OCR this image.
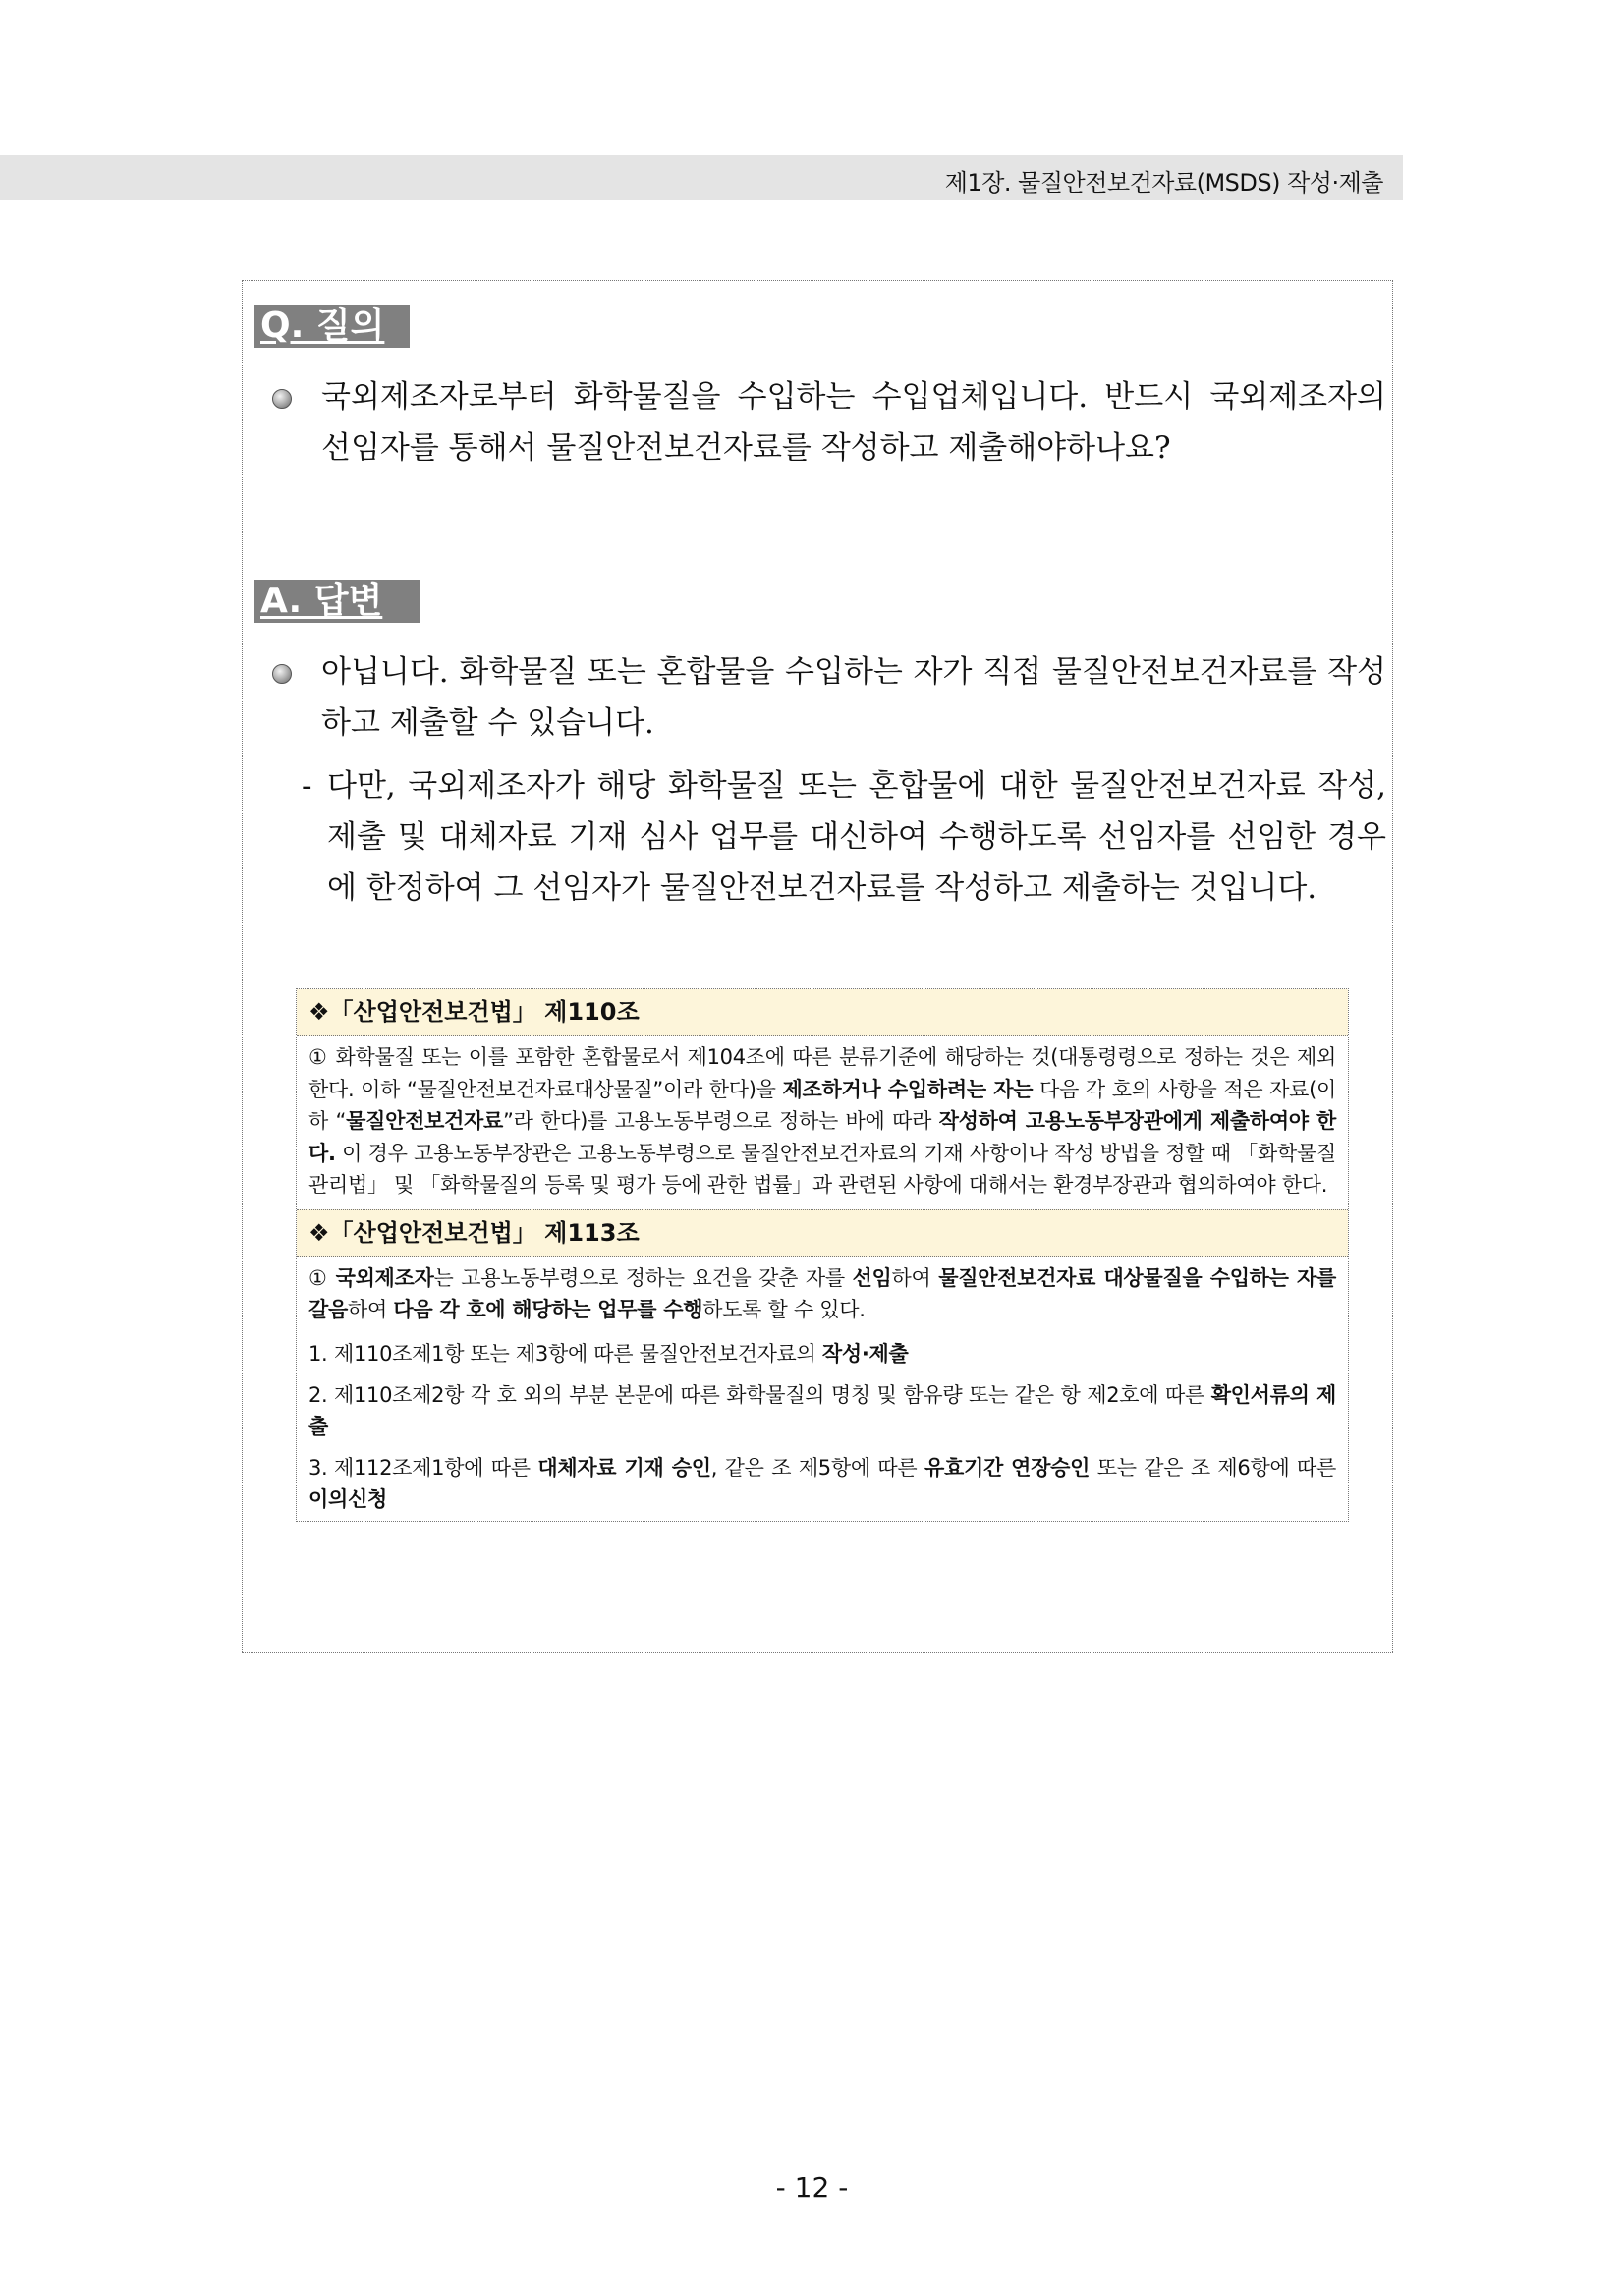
제1장. 물질안전보건자료(MSDS) 작성·제출
Q. 질의
국외제조자로부터 화학물질을 수입하는 수입업체입니다. 반드시 국외제조자의 선임자를 통해서 물질안전보건자료를 작성하고 제출해야하나요?
A. 답변
아닙니다. 화학물질 또는 혼합물을 수입하는 자가 직접 물질안전보건자료를 작성하고 제출할 수 있습니다.
- 다만, 국외제조자가 해당 화학물질 또는 혼합물에 대한 물질안전보건자료 작성, 제출 및 대체자료 기재 심사 업무를 대신하여 수행하도록 선임자를 선임한 경우에 한정하여 그 선임자가 물질안전보건자료를 작성하고 제출하는 것입니다.
❖「산업안전보건법」 제110조
① 화학물질 또는 이를 포함한 혼합물로서 제104조에 따른 분류기준에 해당하는 것(대통령령으로 정하는 것은 제외한다. 이하 “물질안전보건자료대상물질”이라 한다)을 제조하거나 수입하려는 자는 다음 각 호의 사항을 적은 자료(이하 “물질안전보건자료”라 한다)를 고용노동부령으로 정하는 바에 따라 작성하여 고용노동부장관에게 제출하여야 한다. 이 경우 고용노동부장관은 고용노동부령으로 물질안전보건자료의 기재 사항이나 작성 방법을 정할 때 「화학물질관리법」 및 「화학물질의 등록 및 평가 등에 관한 법률」과 관련된 사항에 대해서는 환경부장관과 협의하여야 한다.
❖「산업안전보건법」 제113조
① 국외제조자는 고용노동부령으로 정하는 요건을 갖춘 자를 선임하여 물질안전보건자료 대상물질을 수입하는 자를 갈음하여 다음 각 호에 해당하는 업무를 수행하도록 할 수 있다.
1. 제110조제1항 또는 제3항에 따른 물질안전보건자료의 작성·제출
2. 제110조제2항 각 호 외의 부분 본문에 따른 화학물질의 명칭 및 함유량 또는 같은 항 제2호에 따른 확인서류의 제출
3. 제112조제1항에 따른 대체자료 기재 승인, 같은 조 제5항에 따른 유효기간 연장승인 또는 같은 조 제6항에 따른 이의신청
- 12 -
